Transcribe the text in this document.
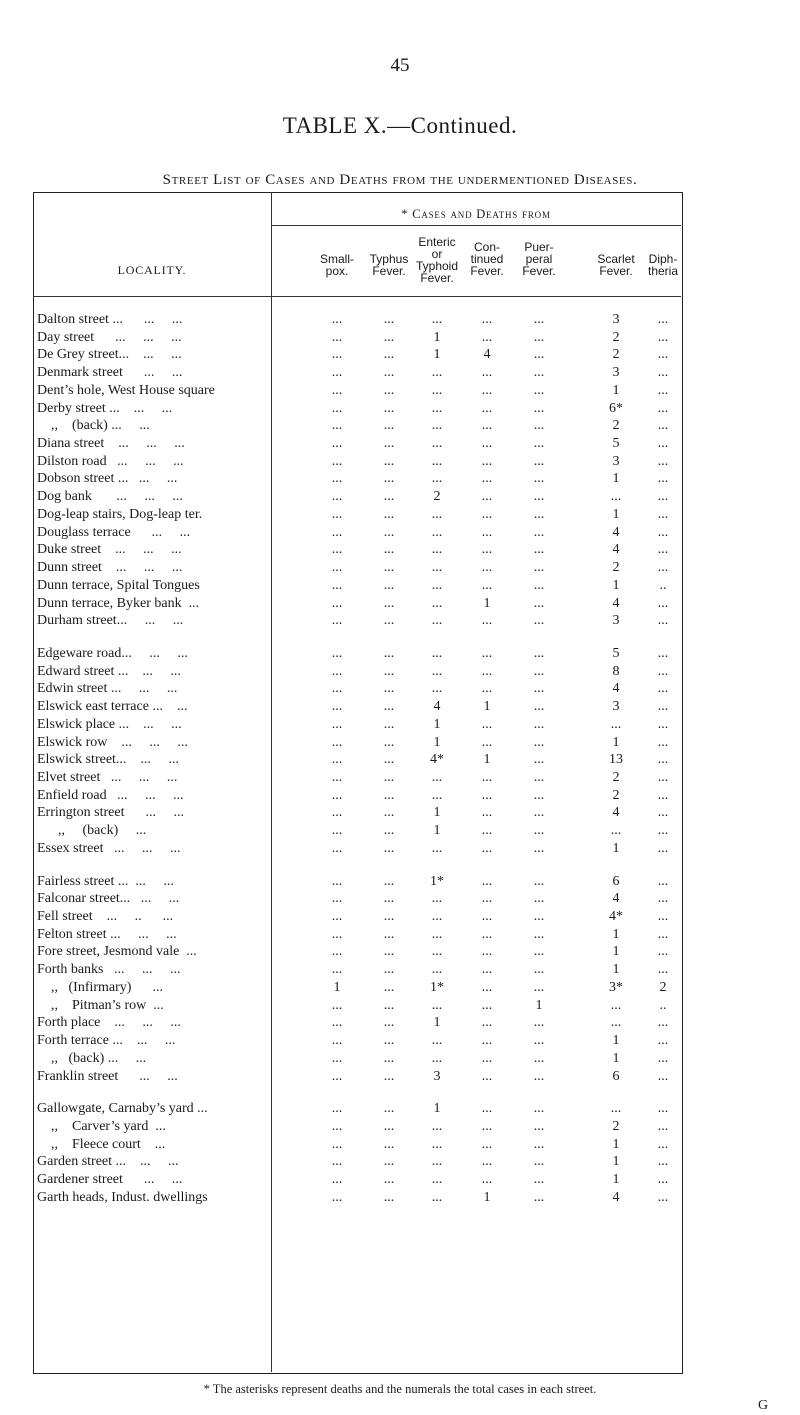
45
TABLE X.—Continued.
Street List of Cases and Deaths from the undermentioned Diseases.
* Cases and Deaths from
LOCALITY.
Small-
pox.
Typhus
Fever.
Enteric
or
Typhoid
Fever.
Con-
tinued
Fever.
Puer-
peral
Fever.
Scarlet
Fever.
Diph-
theria
Dalton street ...      ...     ...	...	...	...	...	...	3	...
Day street      ...     ...     ...	...	...	1	...	...	2	...
De Grey street...    ...     ...	...	...	1	4	...	2	...
Denmark street      ...     ...	...	...	...	...	...	3	...
Dent’s hole, West House square	...	...	...	...	...	1	...
Derby street ...    ...     ...	...	...	...	...	...	6*	...
,,    (back) ...     ...	...	...	...	...	...	2	...
Diana street    ...     ...     ...	...	...	...	...	...	5	...
Dilston road   ...     ...     ...	...	...	...	...	...	3	...
Dobson street ...   ...     ...	...	...	...	...	...	1	...
Dog bank       ...     ...     ...	...	...	2	...	...	...	...
Dog-leap stairs, Dog-leap ter.	...	...	...	...	...	1	...
Douglass terrace      ...     ...	...	...	...	...	...	4	...
Duke street    ...     ...     ...	...	...	...	...	...	4	...
Dunn street    ...     ...     ...	...	...	...	...	...	2	...
Dunn terrace, Spital Tongues	...	...	...	...	...	1	..
Dunn terrace, Byker bank  ...	...	...	...	1	...	4	...
Durham street...     ...     ...	...	...	...	...	...	3	...
Edgeware road...     ...     ...	...	...	...	...	...	5	...
Edward street ...    ...     ...	...	...	...	...	...	8	...
Edwin street ...     ...     ...	...	...	...	...	...	4	...
Elswick east terrace ...    ...	...	...	4	1	...	3	...
Elswick place ...    ...     ...	...	...	1	...	...	...	...
Elswick row    ...     ...     ...	...	...	1	...	...	1	...
Elswick street...    ...     ...	...	...	4*	1	...	13	...
Elvet street   ...     ...     ...	...	...	...	...	...	2	...
Enfield road   ...     ...     ...	...	...	...	...	...	2	...
Errington street      ...     ...	...	...	1	...	...	4	...
,,     (back)     ...	...	...	1	...	...	...	...
Essex street   ...     ...     ...	...	...	...	...	...	1	...
Fairless street ...  ...     ...	...	...	1*	...	...	6	...
Falconar street...   ...     ...	...	...	...	...	...	4	...
Fell street    ...     ..      ...	...	...	...	...	...	4*	...
Felton street ...     ...     ...	...	...	...	...	...	1	...
Fore street, Jesmond vale  ...	...	...	...	...	...	1	...
Forth banks   ...     ...     ...	...	...	...	...	...	1	...
,,   (Infirmary)      ...	1	...	1*	...	...	3*	2
,,    Pitman’s row  ...	...	...	...	...	1	...	..
Forth place    ...     ...     ...	...	...	1	...	...	...	...
Forth terrace ...    ...     ...	...	...	...	...	...	1	...
,,   (back) ...     ...	...	...	...	...	...	1	...
Franklin street      ...     ...	...	...	3	...	...	6	...
Gallowgate, Carnaby’s yard ...	...	...	1	...	...	...	...
,,    Carver’s yard  ...	...	...	...	...	...	2	...
,,    Fleece court    ...	...	...	...	...	...	1	...
Garden street ...    ...     ...	...	...	...	...	...	1	...
Gardener street      ...     ...	...	...	...	...	...	1	...
Garth heads, Indust. dwellings	...	...	...	1	...	4	...
* The asterisks represent deaths and the numerals the total cases in each street.
G
